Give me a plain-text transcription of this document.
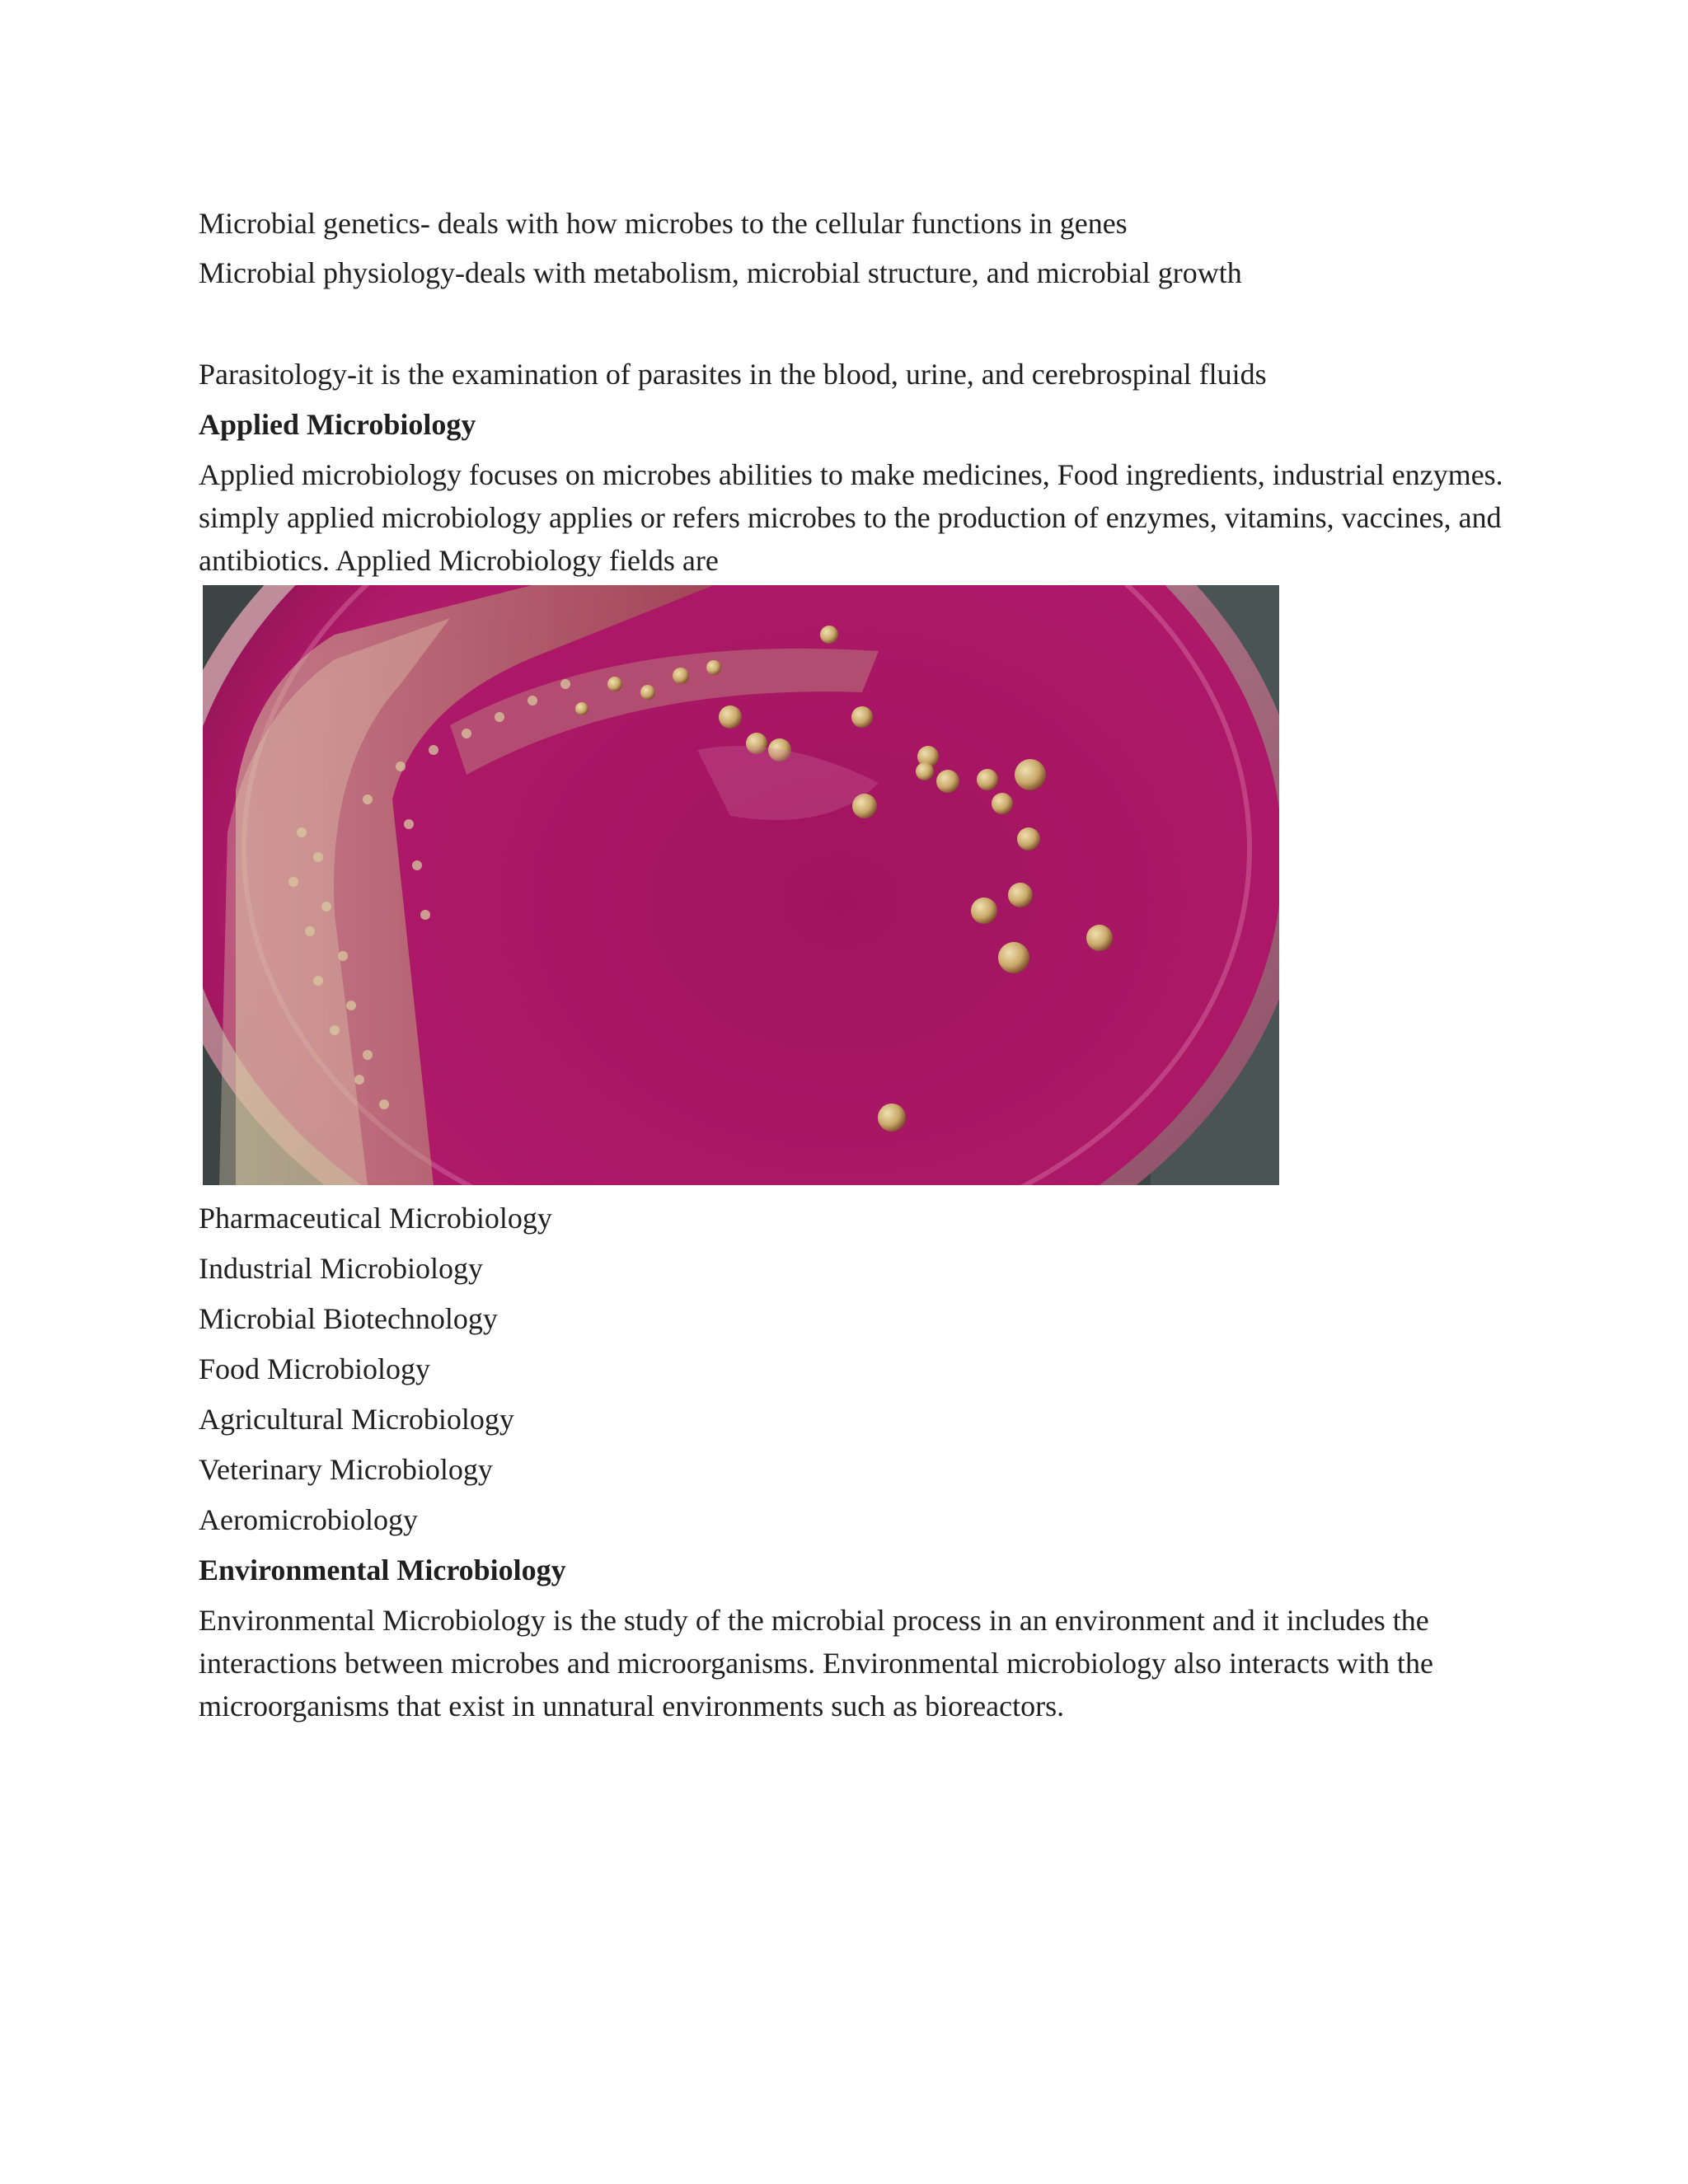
Microbial genetics- deals with how microbes to the cellular functions in genes
Microbial physiology-deals with metabolism, microbial structure, and microbial growth
Parasitology-it is the examination of parasites in the blood, urine, and cerebrospinal fluids
Applied Microbiology
Applied microbiology focuses on microbes abilities to make medicines, Food ingredients, industrial enzymes. simply applied microbiology applies or refers microbes to the production of enzymes, vitamins, vaccines, and antibiotics. Applied Microbiology fields are
Pharmaceutical Microbiology
Industrial Microbiology
Microbial Biotechnology
Food Microbiology
Agricultural Microbiology
Veterinary Microbiology
Aeromicrobiology
Environmental Microbiology
Environmental Microbiology is the study of the microbial process in an environment and it includes the interactions between microbes and microorganisms. Environmental microbiology also interacts with the microorganisms that exist in unnatural environments such as bioreactors.
